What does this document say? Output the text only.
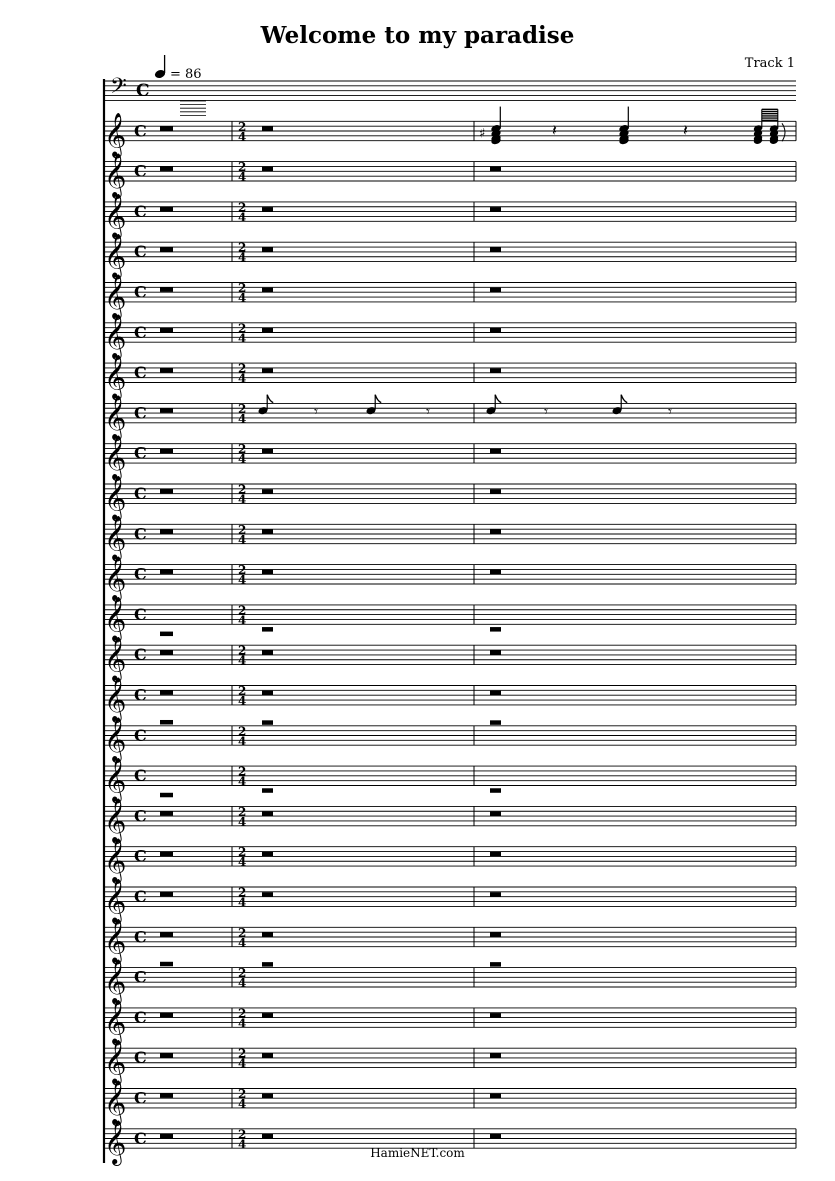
Welcome to my paradise
Track 1
HamieNET.com
= 86
𝄢 C
𝄞 C	2
4	♯	𝄽	𝄽
𝄞 C	2
4
𝄞 C	2
4
𝄞 C	2
4
𝄞 C	2
4
𝄞 C	2
4
𝄞 C	2
4
𝄞 C	2
4	𝄾	𝄾	𝄾	𝄾
𝄞 C	2
4
𝄞 C	2
4
𝄞 C	2
4
𝄞 C	2
4
𝄞 C	2
4
𝄞 C	2
4
𝄞 C	2
4
𝄞 C	2
4
𝄞 C	2
4
𝄞 C	2
4
𝄞 C	2
4
𝄞 C	2
4
𝄞 C	2
4
𝄞 C	2
4
𝄞 C	2
4
𝄞 C	2
4
𝄞 C	2
4
𝄞 C	2
4
